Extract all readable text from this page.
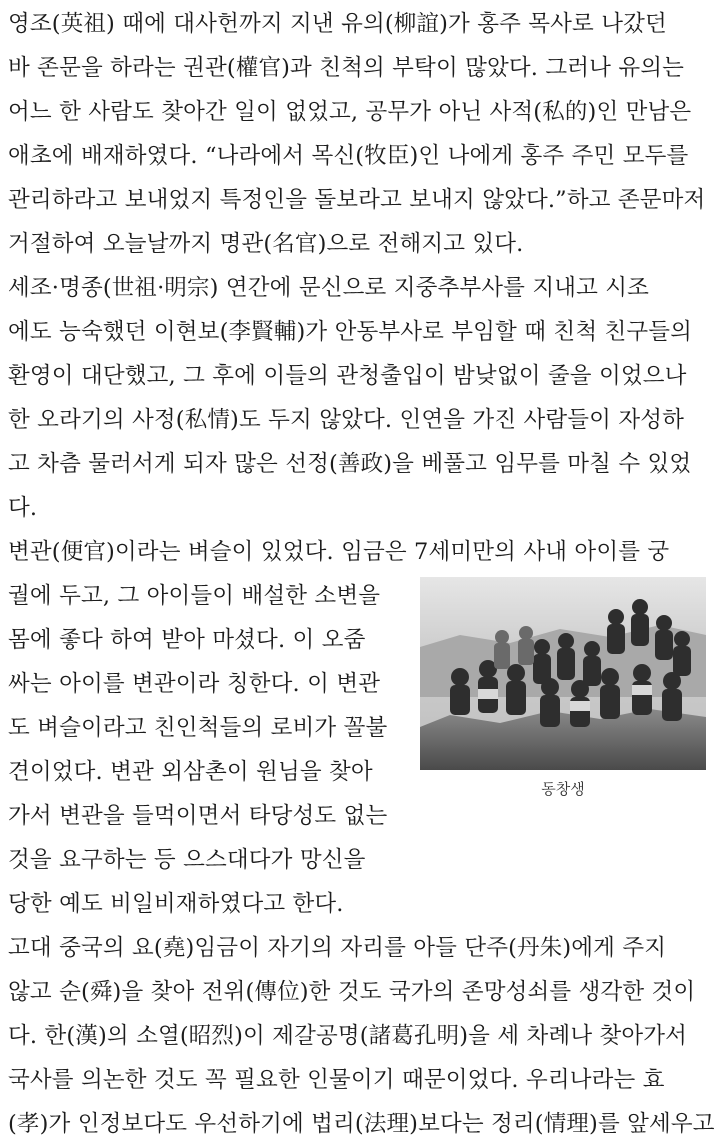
영조(英祖) 때에 대사헌까지 지낸 유의(柳誼)가 홍주 목사로 나갔던
바 존문을 하라는 권관(權官)과 친척의 부탁이 많았다. 그러나 유의는
어느 한 사람도 찾아간 일이 없었고, 공무가 아닌 사적(私的)인 만남은
애초에 배재하였다. “나라에서 목신(牧臣)인 나에게 홍주 주민 모두를
관리하라고 보내었지 특정인을 돌보라고 보내지 않았다.”하고 존문마저
거절하여 오늘날까지 명관(名官)으로 전해지고 있다.
세조·명종(世祖·明宗) 연간에 문신으로 지중추부사를 지내고 시조
에도 능숙했던 이현보(李賢輔)가 안동부사로 부임할 때 친척 친구들의
환영이 대단했고, 그 후에 이들의 관청출입이 밤낮없이 줄을 이었으나
한 오라기의 사정(私情)도 두지 않았다. 인연을 가진 사람들이 자성하
고 차츰 물러서게 되자 많은 선정(善政)을 베풀고 임무를 마칠 수 있었
다.
변관(便官)이라는 벼슬이 있었다. 임금은 7세미만의 사내 아이를 궁
궐에 두고, 그 아이들이 배설한 소변을
몸에 좋다 하여 받아 마셨다. 이 오줌
싸는 아이를 변관이라 칭한다. 이 변관
도 벼슬이라고 친인척들의 로비가 꼴불
견이었다. 변관 외삼촌이 원님을 찾아
가서 변관을 들먹이면서 타당성도 없는
것을 요구하는 등 으스대다가 망신을
당한 예도 비일비재하였다고 한다.
고대 중국의 요(堯)임금이 자기의 자리를 아들 단주(丹朱)에게 주지
않고 순(舜)을 찾아 전위(傳位)한 것도 국가의 존망성쇠를 생각한 것이
다. 한(漢)의 소열(昭烈)이 제갈공명(諸葛孔明)을 세 차례나 찾아가서
국사를 의논한 것도 꼭 필요한 인물이기 때문이었다. 우리나라는 효
(孝)가 인정보다도 우선하기에 법리(法理)보다는 정리(情理)를 앞세우고
동창생
